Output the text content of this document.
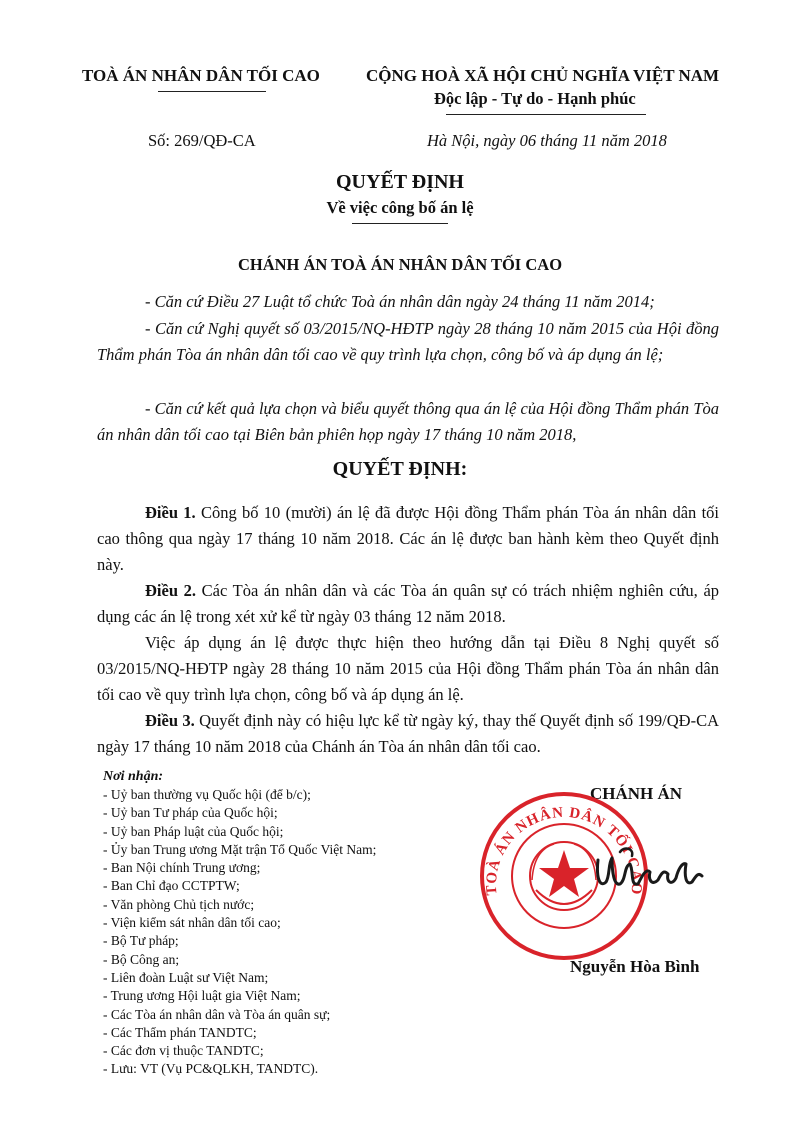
TOÀ ÁN NHÂN DÂN TỐI CAO	CỘNG HOÀ XÃ HỘI CHỦ NGHĨA VIỆT NAM
Độc lập - Tự do - Hạnh phúc
Số: 269/QĐ-CA	Hà Nội, ngày 06 tháng 11 năm 2018
QUYẾT ĐỊNH
Về việc công bố án lệ
CHÁNH ÁN TOÀ ÁN NHÂN DÂN TỐI CAO
- Căn cứ Điều 27 Luật tổ chức Toà án nhân dân ngày 24 tháng 11 năm 2014;
- Căn cứ Nghị quyết số 03/2015/NQ-HĐTP ngày 28 tháng 10 năm 2015 của Hội đồng Thẩm phán Tòa án nhân dân tối cao về quy trình lựa chọn, công bố và áp dụng án lệ;
- Căn cứ kết quả lựa chọn và biểu quyết thông qua án lệ của Hội đồng Thẩm phán Tòa án nhân dân tối cao tại Biên bản phiên họp ngày 17 tháng 10 năm 2018,
QUYẾT ĐỊNH:
Điều 1. Công bố 10 (mười) án lệ đã được Hội đồng Thẩm phán Tòa án nhân dân tối cao thông qua ngày 17 tháng 10 năm 2018. Các án lệ được ban hành kèm theo Quyết định này.
Điều 2. Các Tòa án nhân dân và các Tòa án quân sự có trách nhiệm nghiên cứu, áp dụng các án lệ trong xét xử kể từ ngày 03 tháng 12 năm 2018.
Việc áp dụng án lệ được thực hiện theo hướng dẫn tại Điều 8 Nghị quyết số 03/2015/NQ-HĐTP ngày 28 tháng 10 năm 2015 của Hội đồng Thẩm phán Tòa án nhân dân tối cao về quy trình lựa chọn, công bố và áp dụng án lệ.
Điều 3. Quyết định này có hiệu lực kể từ ngày ký, thay thế Quyết định số 199/QĐ-CA ngày 17 tháng 10 năm 2018 của Chánh án Tòa án nhân dân tối cao.
Nơi nhận:
- Uỷ ban thường vụ Quốc hội (để b/c);
- Uỷ ban Tư pháp của Quốc hội;
- Uỷ ban Pháp luật của Quốc hội;
- Ủy ban Trung ương Mặt trận Tổ Quốc Việt Nam;
- Ban Nội chính Trung ương;
- Ban Chỉ đạo CCTPTW;
- Văn phòng Chủ tịch nước;
- Viện kiểm sát nhân dân tối cao;
- Bộ Tư pháp;
- Bộ Công an;
- Liên đoàn Luật sư Việt Nam;
- Trung ương Hội luật gia Việt Nam;
- Các Tòa án nhân dân và Tòa án quân sự;
- Các Thẩm phán TANDTC;
- Các đơn vị thuộc TANDTC;
- Lưu: VT (Vụ PC&QLKH, TANDTC).
CHÁNH ÁN
TOÀ ÁN NHÂN DÂN TỐI CAO
Nguyễn Hòa Bình
